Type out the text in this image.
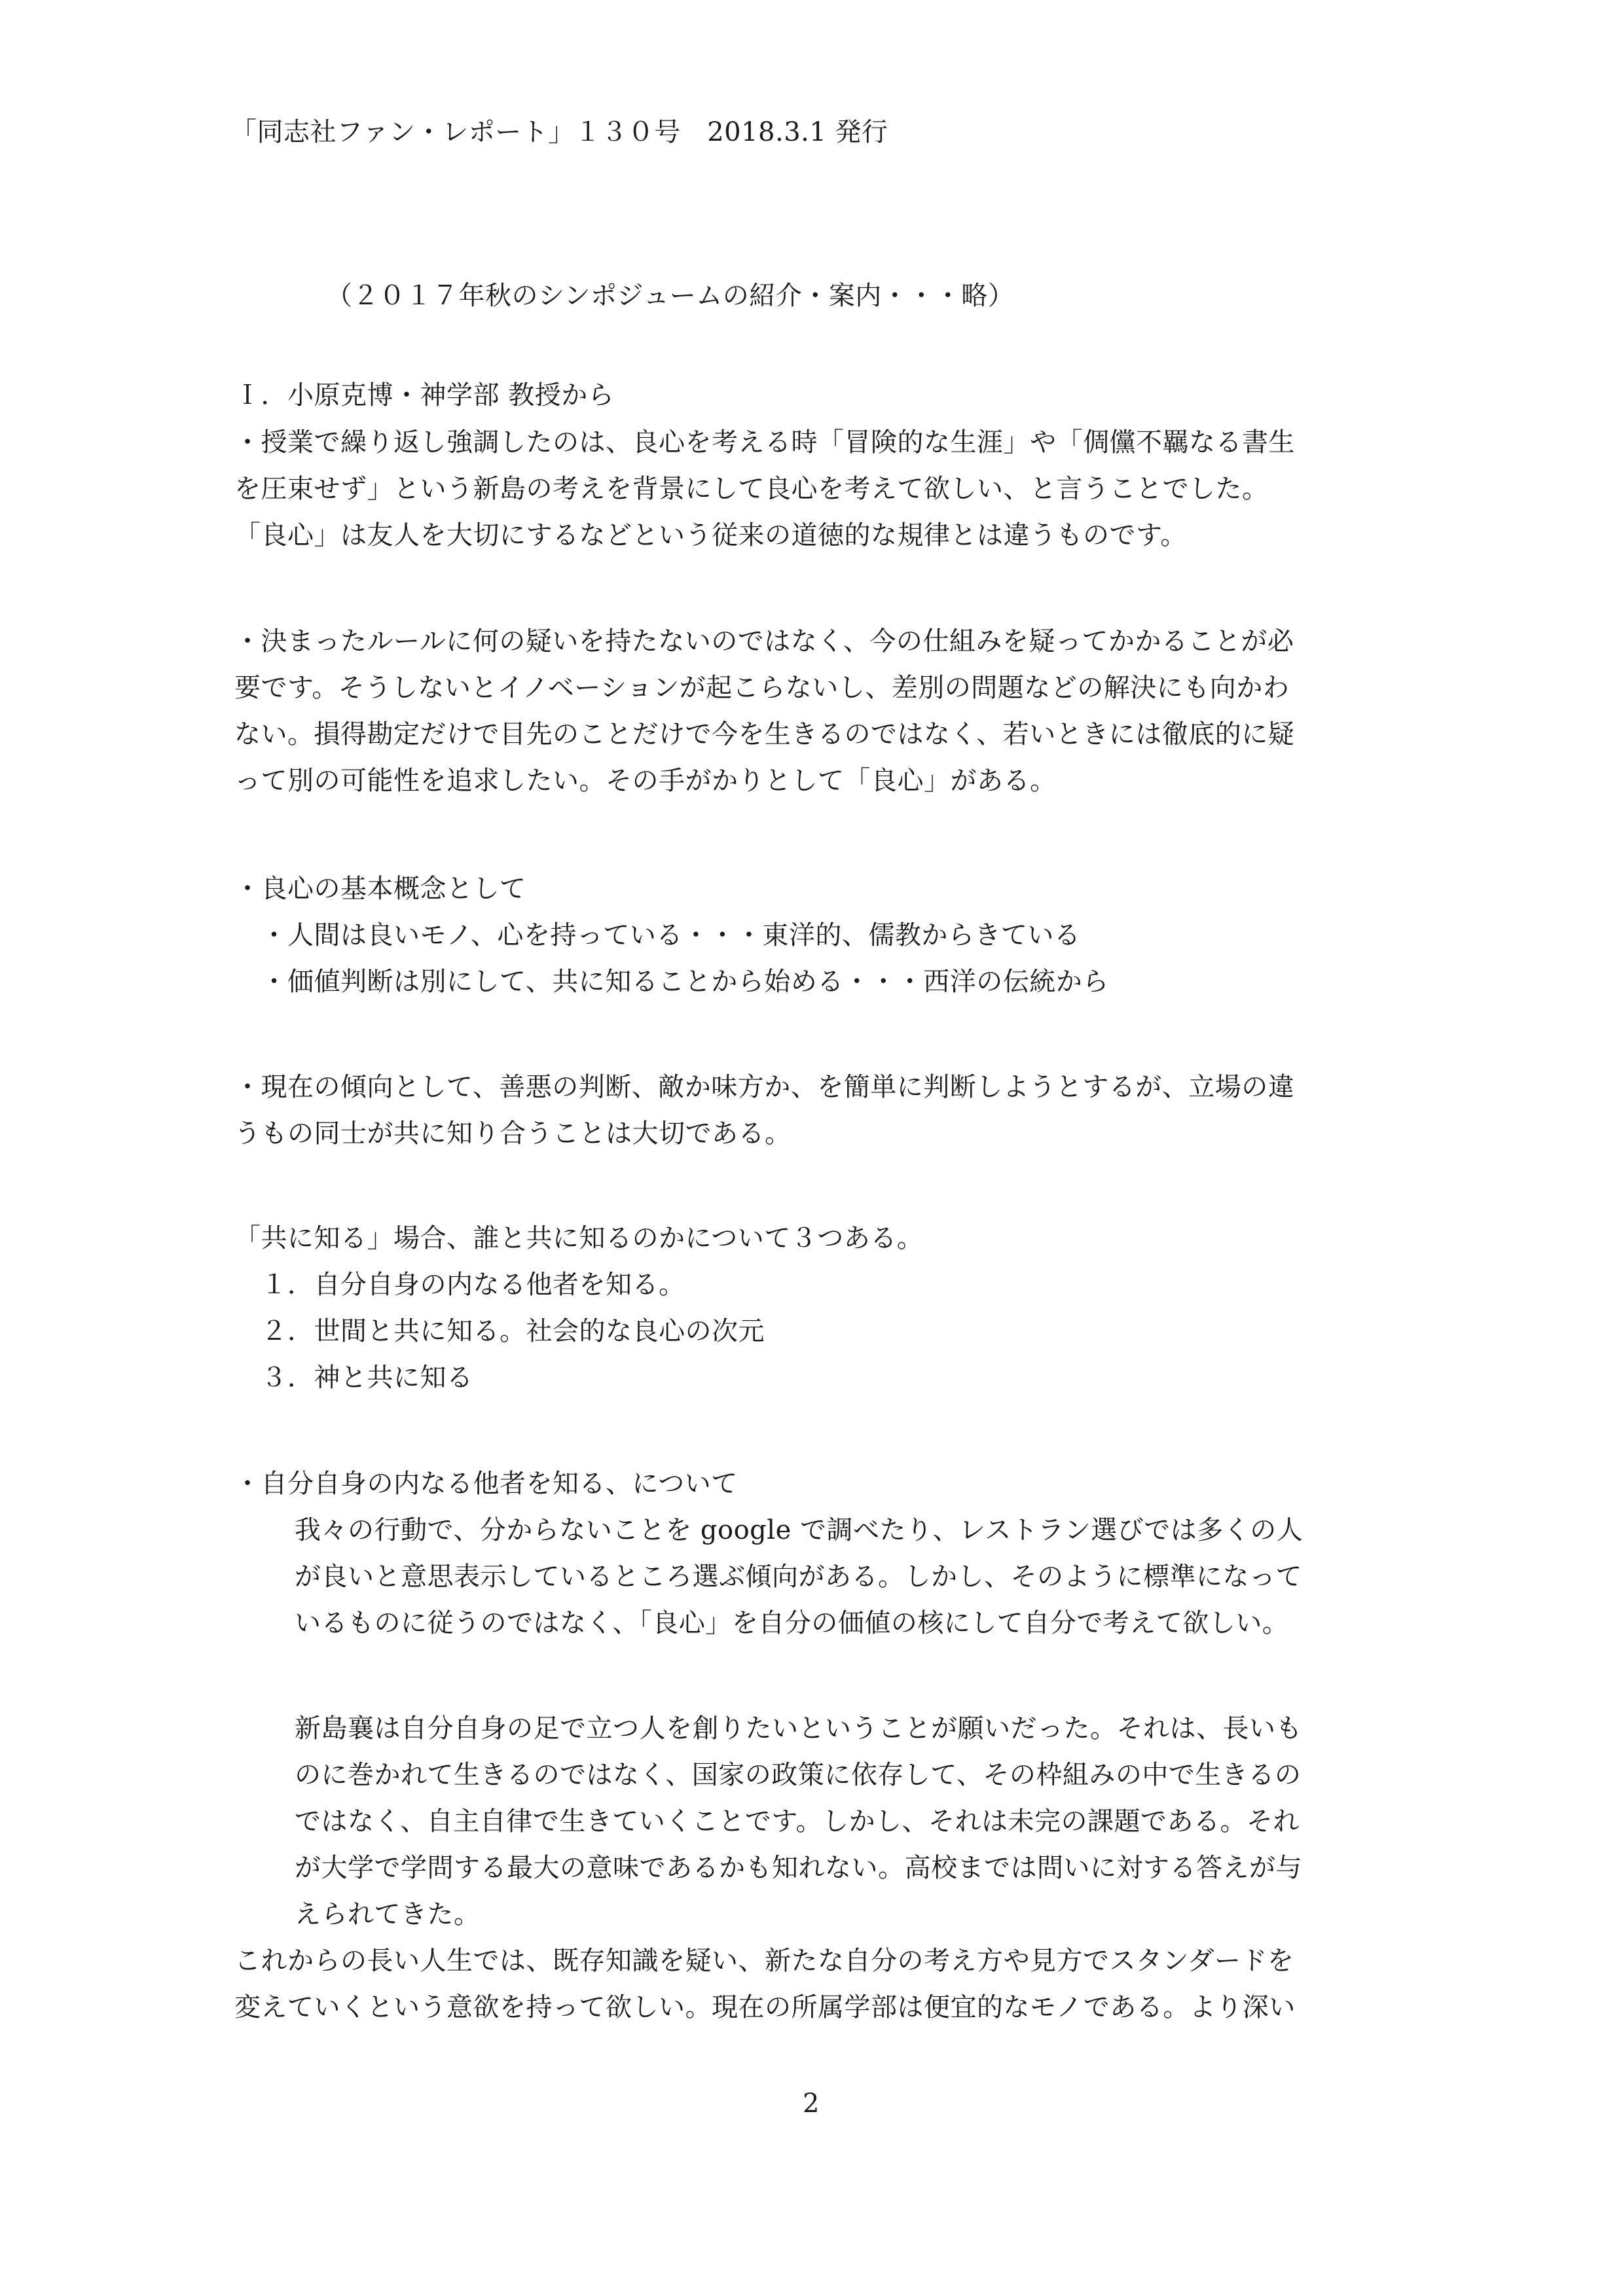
「同志社ファン・レポート」１３０号　2018.3.1 発行
（２０１７年秋のシンポジュームの紹介・案内・・・略）
Ｉ．小原克博・神学部 教授から
・授業で繰り返し強調したのは、良心を考える時「冒険的な生涯」や「倜儻不羈なる書生
を圧束せず」という新島の考えを背景にして良心を考えて欲しい、と言うことでした。
「良心」は友人を大切にするなどという従来の道徳的な規律とは違うものです。
・決まったルールに何の疑いを持たないのではなく、今の仕組みを疑ってかかることが必
要です。そうしないとイノベーションが起こらないし、差別の問題などの解決にも向かわ
ない。損得勘定だけで目先のことだけで今を生きるのではなく、若いときには徹底的に疑
って別の可能性を追求したい。その手がかりとして「良心」がある。
・良心の基本概念として
　・人間は良いモノ、心を持っている・・・東洋的、儒教からきている
　・価値判断は別にして、共に知ることから始める・・・西洋の伝統から
・現在の傾向として、善悪の判断、敵か味方か、を簡単に判断しようとするが、立場の違
うもの同士が共に知り合うことは大切である。
「共に知る」場合、誰と共に知るのかについて３つある。
　１．自分自身の内なる他者を知る。
　２．世間と共に知る。社会的な良心の次元
　３．神と共に知る
・自分自身の内なる他者を知る、について
我々の行動で、分からないことを google で調べたり、レストラン選びでは多くの人
が良いと意思表示しているところ選ぶ傾向がある。しかし、そのように標準になって
いるものに従うのではなく、「良心」を自分の価値の核にして自分で考えて欲しい。
新島襄は自分自身の足で立つ人を創りたいということが願いだった。それは、長いも
のに巻かれて生きるのではなく、国家の政策に依存して、その枠組みの中で生きるの
ではなく、自主自律で生きていくことです。しかし、それは未完の課題である。それ
が大学で学問する最大の意味であるかも知れない。高校までは問いに対する答えが与
えられてきた。
これからの長い人生では、既存知識を疑い、新たな自分の考え方や見方でスタンダードを
変えていくという意欲を持って欲しい。現在の所属学部は便宜的なモノである。より深い
2
